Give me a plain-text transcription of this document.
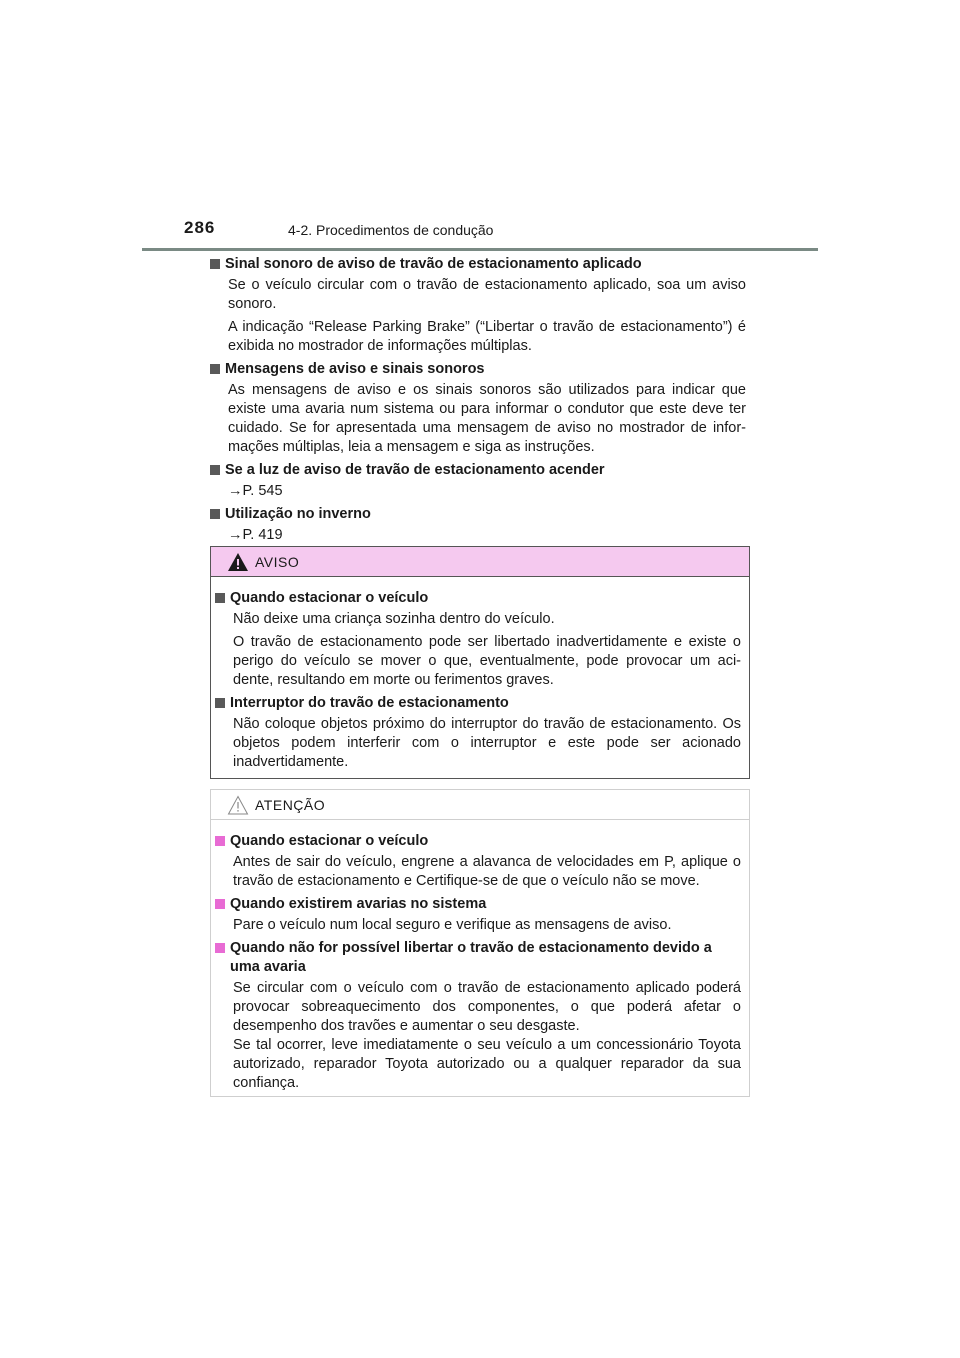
286	4-2. Procedimentos de condução
Sinal sonoro de aviso de travão de estacionamento aplicado
Se o veículo circular com o travão de estacionamento aplicado, soa um aviso sonoro.
A indicação “Release Parking Brake” (“Libertar o travão de estacionamento”) é exibida no mostrador de informações múltiplas.
Mensagens de aviso e sinais sonoros
As mensagens de aviso e os sinais sonoros são utilizados para indicar que existe uma avaria num sistema ou para informar o condutor que este deve ter cuidado. Se for apresentada uma mensagem de aviso no mostrador de infor-mações múltiplas, leia a mensagem e siga as instruções.
Se a luz de aviso de travão de estacionamento acender
→P. 545
Utilização no inverno
→P. 419
AVISO
Quando estacionar o veículo
Não deixe uma criança sozinha dentro do veículo.
O travão de estacionamento pode ser libertado inadvertidamente e existe o perigo do veículo se mover o que, eventualmente, pode provocar um aci-dente, resultando em morte ou ferimentos graves.
Interruptor do travão de estacionamento
Não coloque objetos próximo do interruptor do travão de estacionamento. Os objetos podem interferir com o interruptor e este pode ser acionado inadvertidamente.
ATENÇÃO
Quando estacionar o veículo
Antes de sair do veículo, engrene a alavanca de velocidades em P, aplique o travão de estacionamento e Certifique-se de que o veículo não se move.
Quando existirem avarias no sistema
Pare o veículo num local seguro e verifique as mensagens de aviso.
Quando não for possível libertar o travão de estacionamento devido a uma avaria
Se circular com o veículo com o travão de estacionamento aplicado poderá provocar sobreaquecimento dos componentes, o que poderá afetar o desempenho dos travões e aumentar o seu desgaste.
Se tal ocorrer, leve imediatamente o seu veículo a um concessionário Toyota autorizado, reparador Toyota autorizado ou a qualquer reparador da sua confiança.
